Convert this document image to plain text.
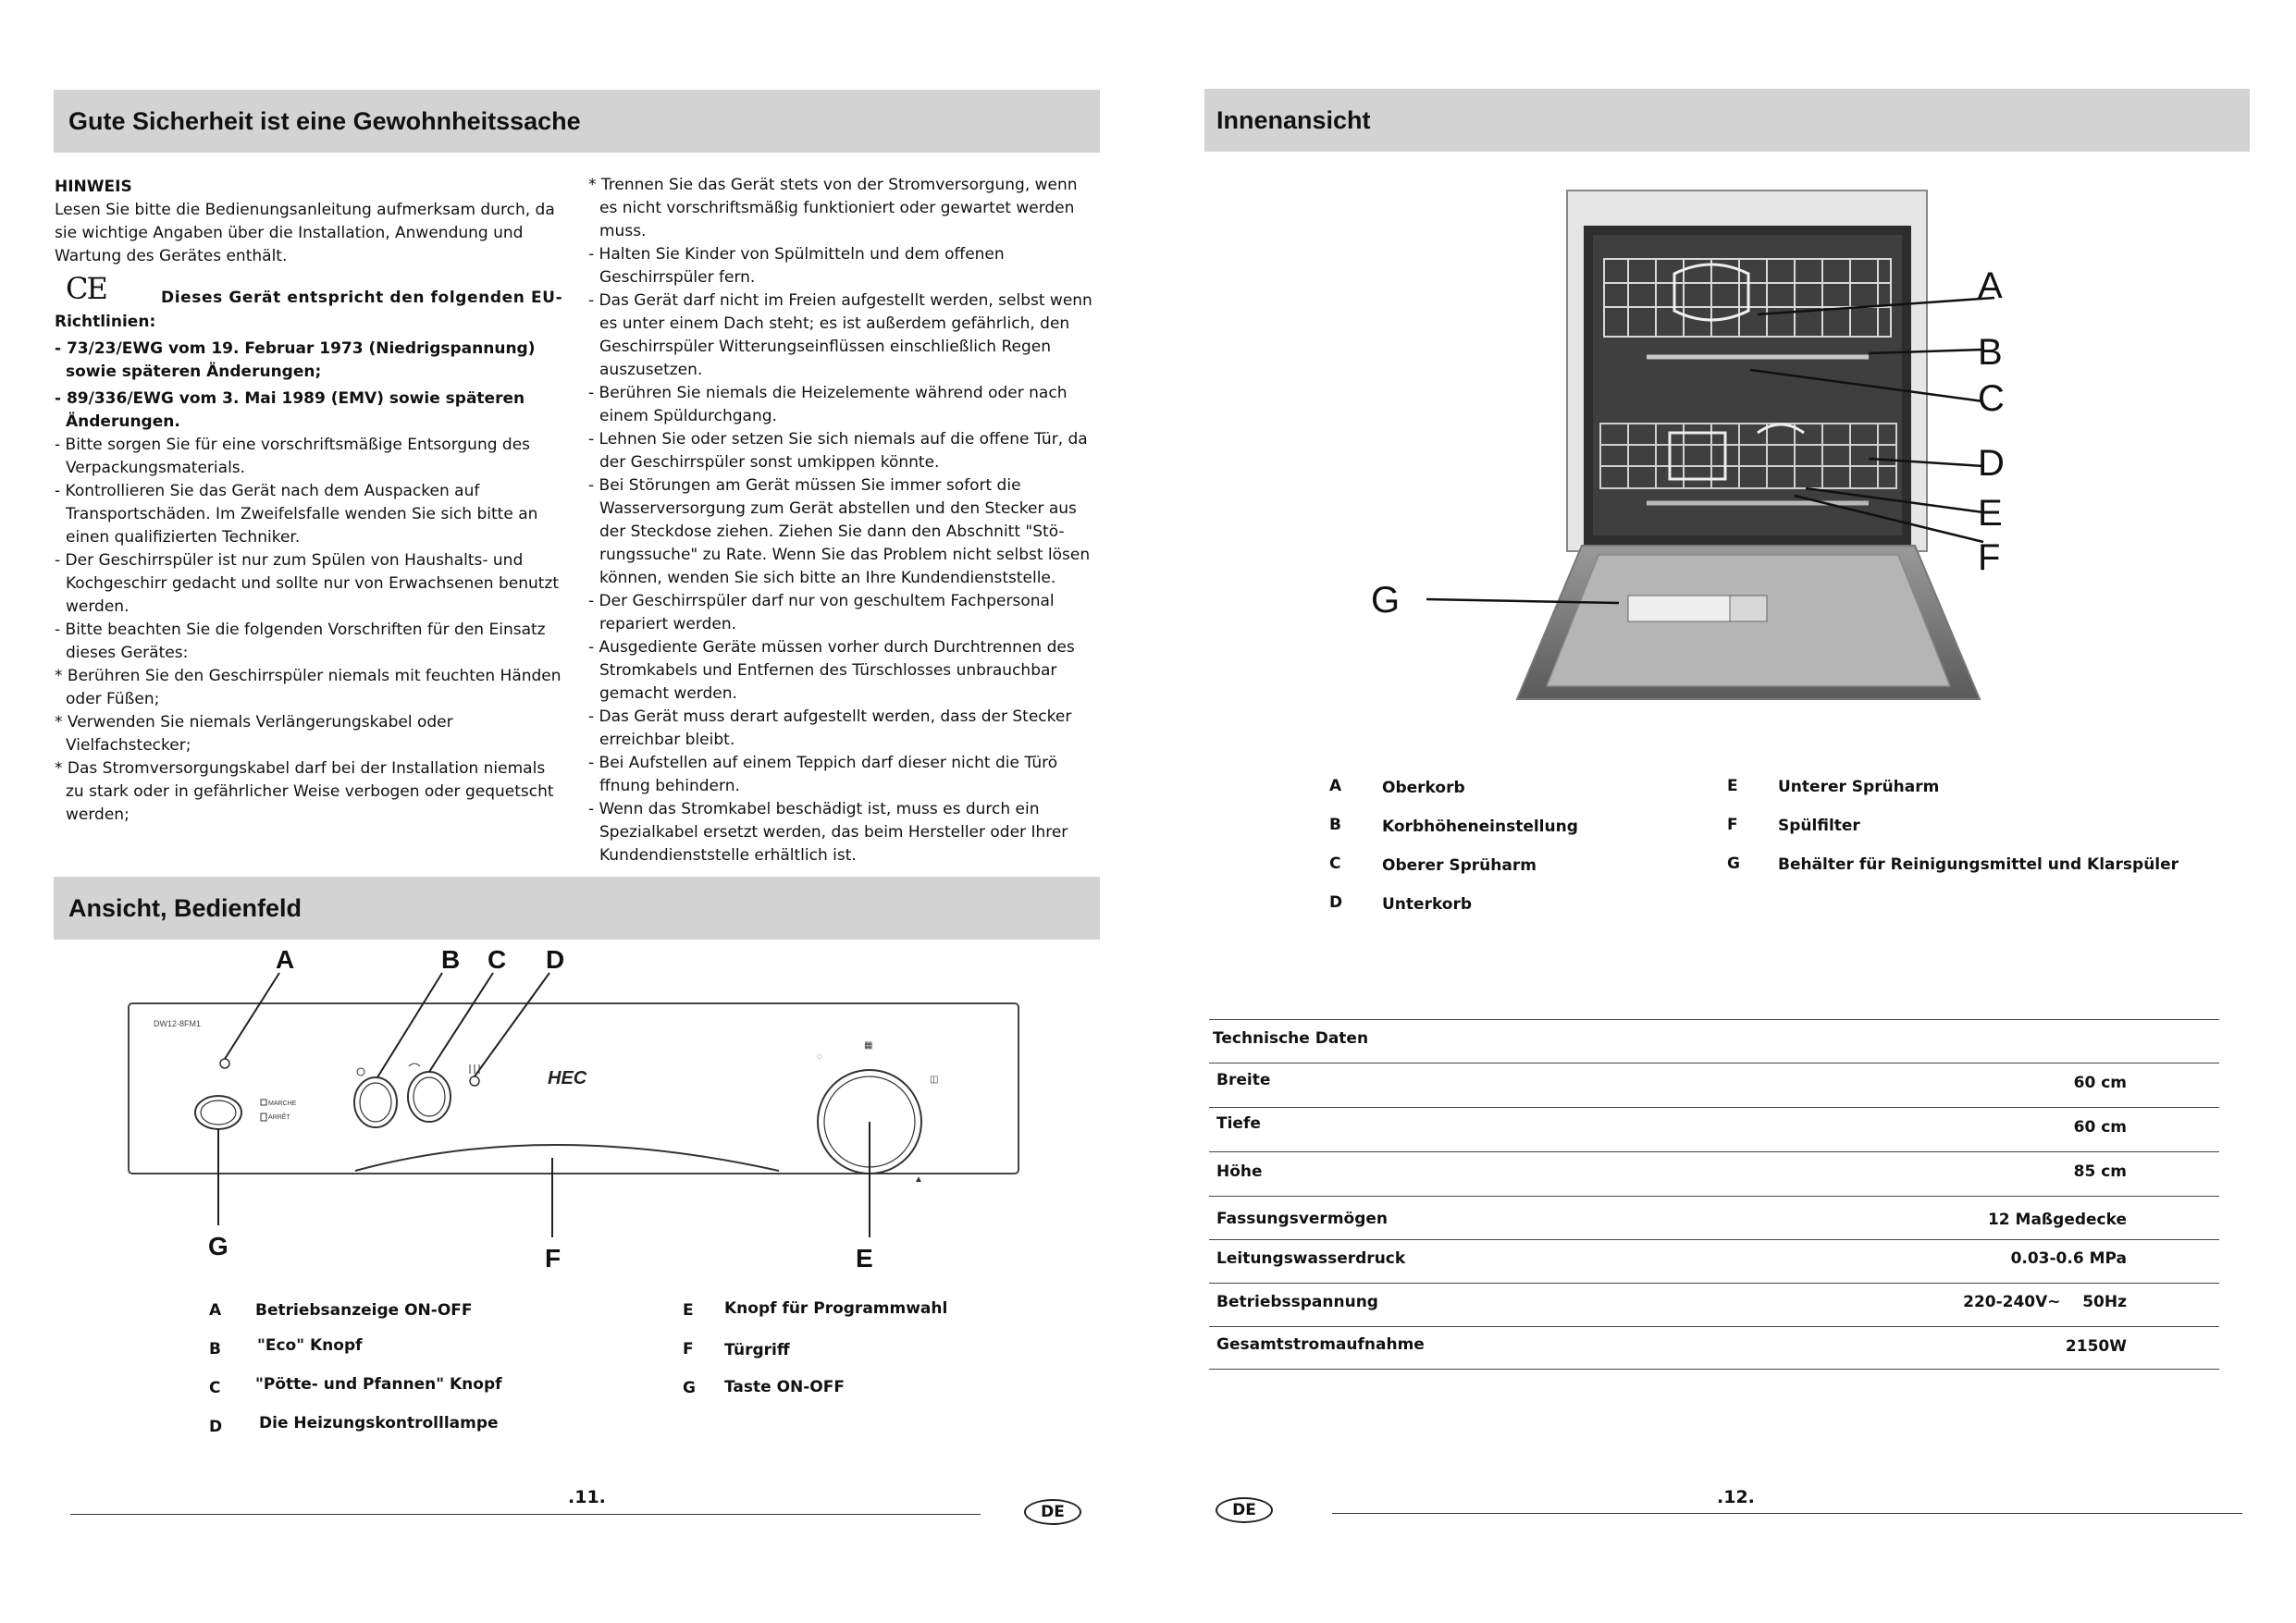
Gute Sicherheit ist eine Gewohnheitssache

HINWEIS

Lesen Sie bitte die Bedienungsanleitung aufmerksam durch, da sie wichtige Angaben über die Installation, Anwendung und Wartung des Gerätes enthält.

CE	Dieses Gerät entspricht den folgenden EU-

Richtlinien:

- 73/23/EWG vom 19. Februar 1973 (Niedrigspannung) sowie späteren Änderungen;

- 89/336/EWG vom 3. Mai 1989 (EMV) sowie späteren Änderungen.

- Bitte sorgen Sie für eine vorschriftsmäßige Entsorgung des Verpackungsmaterials.

- Kontrollieren Sie das Gerät nach dem Auspacken auf Transportschäden. Im Zweifelsfalle wenden Sie sich bitte an einen qualifizierten Techniker.

- Der Geschirrspüler ist nur zum Spülen von Haushalts- und Kochgeschirr gedacht und sollte nur von Erwachsenen benutzt werden.

- Bitte beachten Sie die folgenden Vorschriften für den Einsatz dieses Gerätes:

* Berühren Sie den Geschirrspüler niemals mit feuchten Händen oder Füßen;

* Verwenden Sie niemals Verlängerungskabel oder Vielfachstecker;

* Das Stromversorgungskabel darf bei der Installation niemals zu stark oder in gefährlicher Weise verbogen oder gequetscht werden;

* Trennen Sie das Gerät stets von der Stromversorgung, wenn es nicht vorschriftsmäßig funktioniert oder gewartet werden muss.

- Halten Sie Kinder von Spülmitteln und dem offenen Geschirrspüler fern.

- Das Gerät darf nicht im Freien aufgestellt werden, selbst wenn es unter einem Dach steht; es ist außerdem gefährlich, den Geschirrspüler Witterungseinflüssen einschließlich Regen auszusetzen.

- Berühren Sie niemals die Heizelemente während oder nach einem Spüldurchgang.

- Lehnen Sie oder setzen Sie sich niemals auf die offene Tür, da der Geschirrspüler sonst umkippen könnte.

- Bei Störungen am Gerät müssen Sie immer sofort die Wasserversorgung zum Gerät abstellen und den Stecker aus der Steckdose ziehen. Ziehen Sie dann den Abschnitt "Stö- rungssuche" zu Rate. Wenn Sie das Problem nicht selbst lösen können, wenden Sie sich bitte an Ihre Kundendienststelle.

- Der Geschirrspüler darf nur von geschultem Fachpersonal repariert werden.

- Ausgediente Geräte müssen vorher durch Durchtrennen des Stromkabels und Entfernen des Türschlosses unbrauchbar gemacht werden.

- Das Gerät muss derart aufgestellt werden, dass der Stecker erreichbar bleibt.

- Bei Aufstellen auf einem Teppich darf dieser nicht die Türö ffnung behindern.

- Wenn das Stromkabel beschädigt ist, muss es durch ein Spezialkabel ersetzt werden, das beim Hersteller oder Ihrer Kundendienststelle erhältlich ist.

Ansicht, Bedienfeld
DW12-8FM1
MARCHE
ARRÊT
HEC
◌
▦
◫
▲
A	B C D
E
F
G
A Betriebsanzeige ON-OFF
B "Eco" Knopf
C "Pötte- und Pfannen" Knopf
D Die Heizungskontrolllampe
E Knopf für Programmwahl
F Türgriff
G Taste ON-OFF
.11.
DE
Innenansicht
A
B
C
D
E
F
G
A	Oberkorb
B	Korbhöheneinstellung
C	Oberer Sprüharm
D	Unterkorb
E	Unterer Sprüharm
F	Spülfilter
G Behälter für Reinigungsmittel und Klarspüler
Technische Daten
Breite	60 cm
Tiefe	60 cm
Höhe	85 cm
Fassungsvermögen	12 Maßgedecke
Leitungswasserdruck	0.03-0.6 MPa
Betriebsspannung	220-240V~    50Hz
Gesamtstromaufnahme	2150W
DE
.12.
